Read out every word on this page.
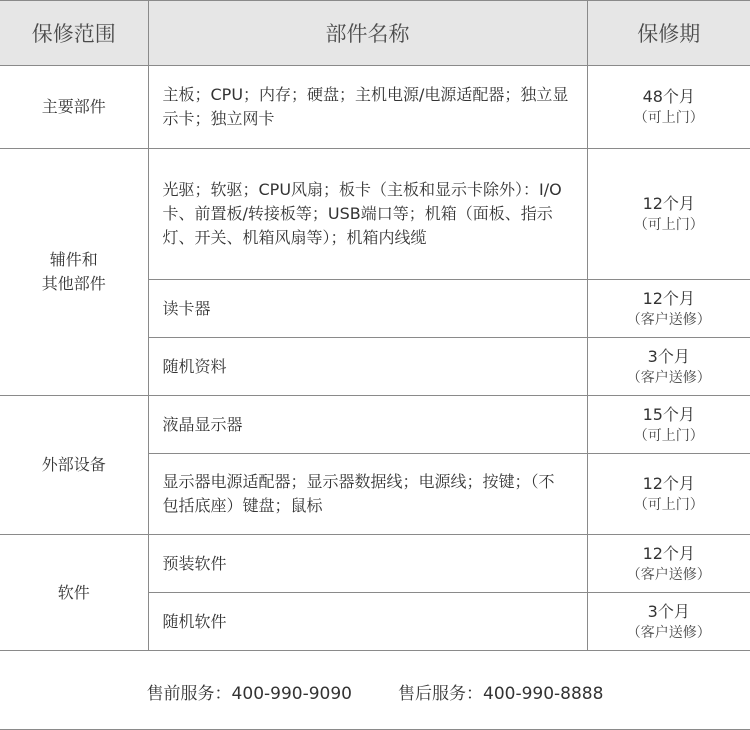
保修范围	部件名称	保修期
主要部件	主板；CPU；内存；硬盘；主机电源/电源适配器；独立显示卡；独立网卡	48个月
（可上门）

辅件和
其他部件	光驱；软驱；CPU风扇；板卡（主板和显示卡除外）：I/O卡、前置板/转接板等；USB端口等；机箱（面板、指示灯、开关、机箱风扇等）；机箱内线缆	12个月
（可上门）

	读卡器	12个月
（客户送修）

	随机资料	3个月
（客户送修）

外部设备	液晶显示器	15个月
（可上门）

	显示器电源适配器；显示器数据线；电源线；按键；（不包括底座）键盘；鼠标	12个月
（可上门）

软件	预装软件	12个月
（客户送修）

	随机软件	3个月
（客户送修）
售前服务：400-990-9090	售后服务：400-990-8888
